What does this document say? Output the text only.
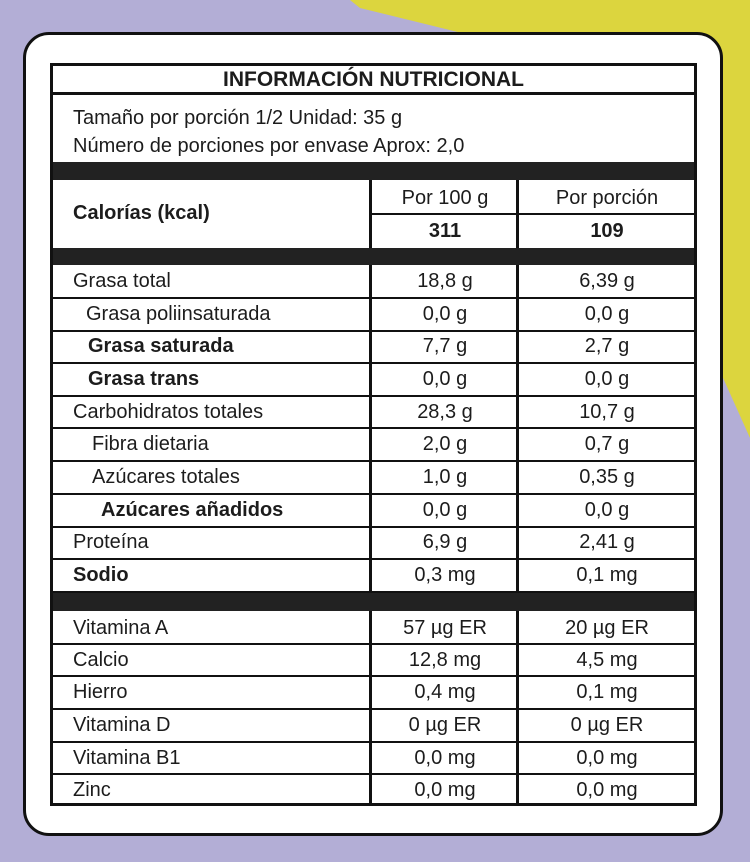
INFORMACIÓN NUTRICIONAL
Tamaño por porción 1/2 Unidad: 35 g
Número de porciones por envase Aprox: 2,0
Calorías (kcal)
Por 100 g	Por porción
311	109
Grasa total	18,8 g	6,39 g
Grasa poliinsaturada	0,0 g	0,0 g
Grasa saturada	7,7 g	2,7 g
Grasa trans	0,0 g	0,0 g
Carbohidratos totales	28,3 g	10,7 g
Fibra dietaria	2,0 g	0,7 g
Azúcares totales	1,0 g	0,35 g
Azúcares añadidos	0,0 g	0,0 g
Proteína	6,9 g	2,41 g
Sodio	0,3 mg	0,1 mg
Vitamina A	57 µg ER	20 µg ER
Calcio	12,8 mg	4,5 mg
Hierro	0,4 mg	0,1 mg
Vitamina D	0 µg ER	0 µg ER
Vitamina B1	0,0 mg	0,0 mg
Zinc	0,0 mg	0,0 mg
